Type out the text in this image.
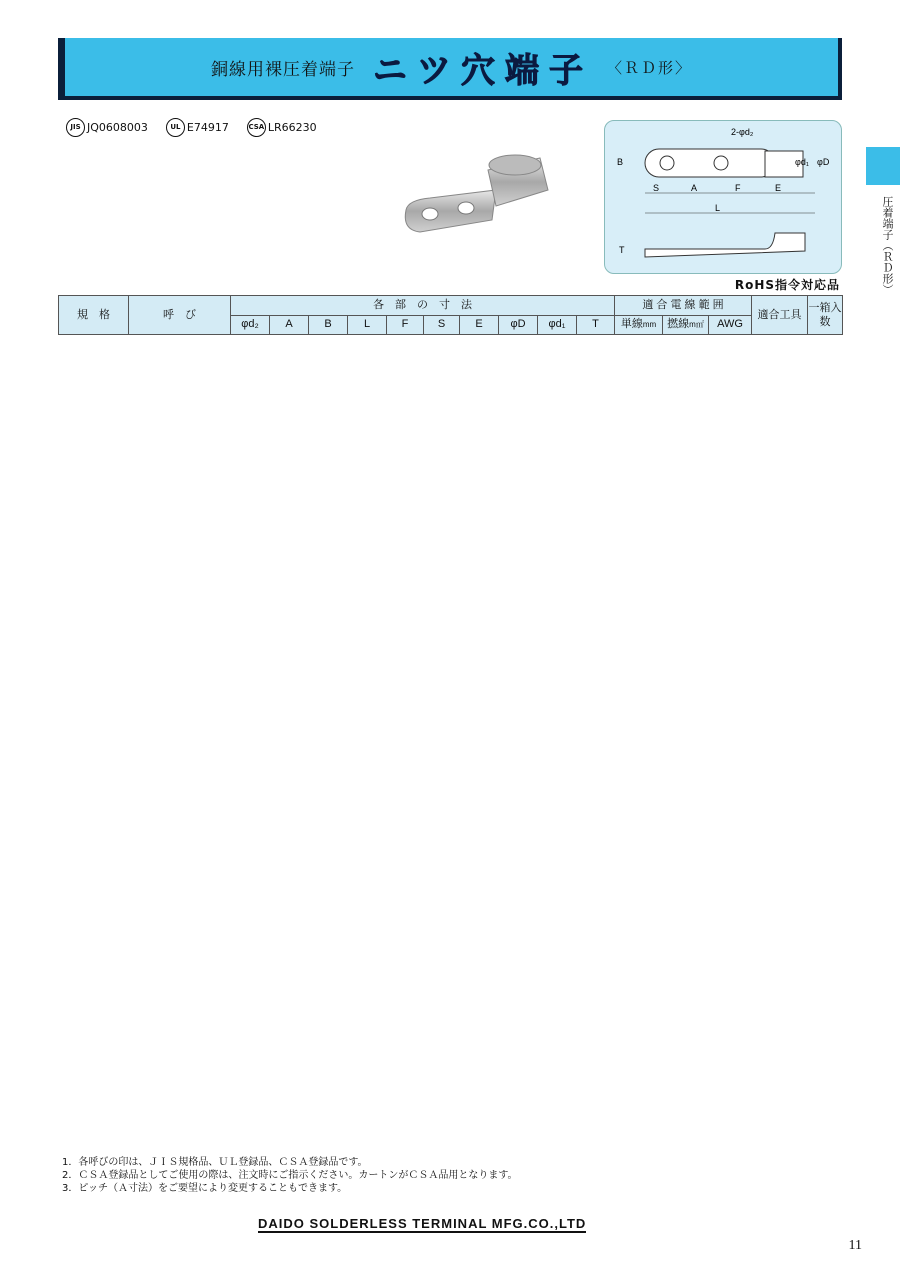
銅線用裸圧着端子 ニツ穴端子 〈ＲＤ形〉
JIS JQ0608003	UL E74917	CSA LR66230	2-φd₂
B	φd₁ φD
S	A	F	E
L
T	圧着端子（ＲＤ形）
RoHS指令対応品
規　格	呼　び	各　部　の　寸　法										適 合 電 線 範 囲			適合工具	一箱入数
		φd₂	A	B	L	F	S	E	φD	φd₁	T	単線mm	撚線m㎡	AWG		
1．各呼びの印は、ＪＩＳ規格品、ＵＬ登録品、ＣＳＡ登録品です。
2．ＣＳＡ登録品としてご使用の際は、注文時にご指示ください。カートンがＣＳＡ品用となります。
3．ピッチ（Ａ寸法）をご要望により変更することもできます。
DAIDO SOLDERLESS TERMINAL MFG.CO.,LTD
11
